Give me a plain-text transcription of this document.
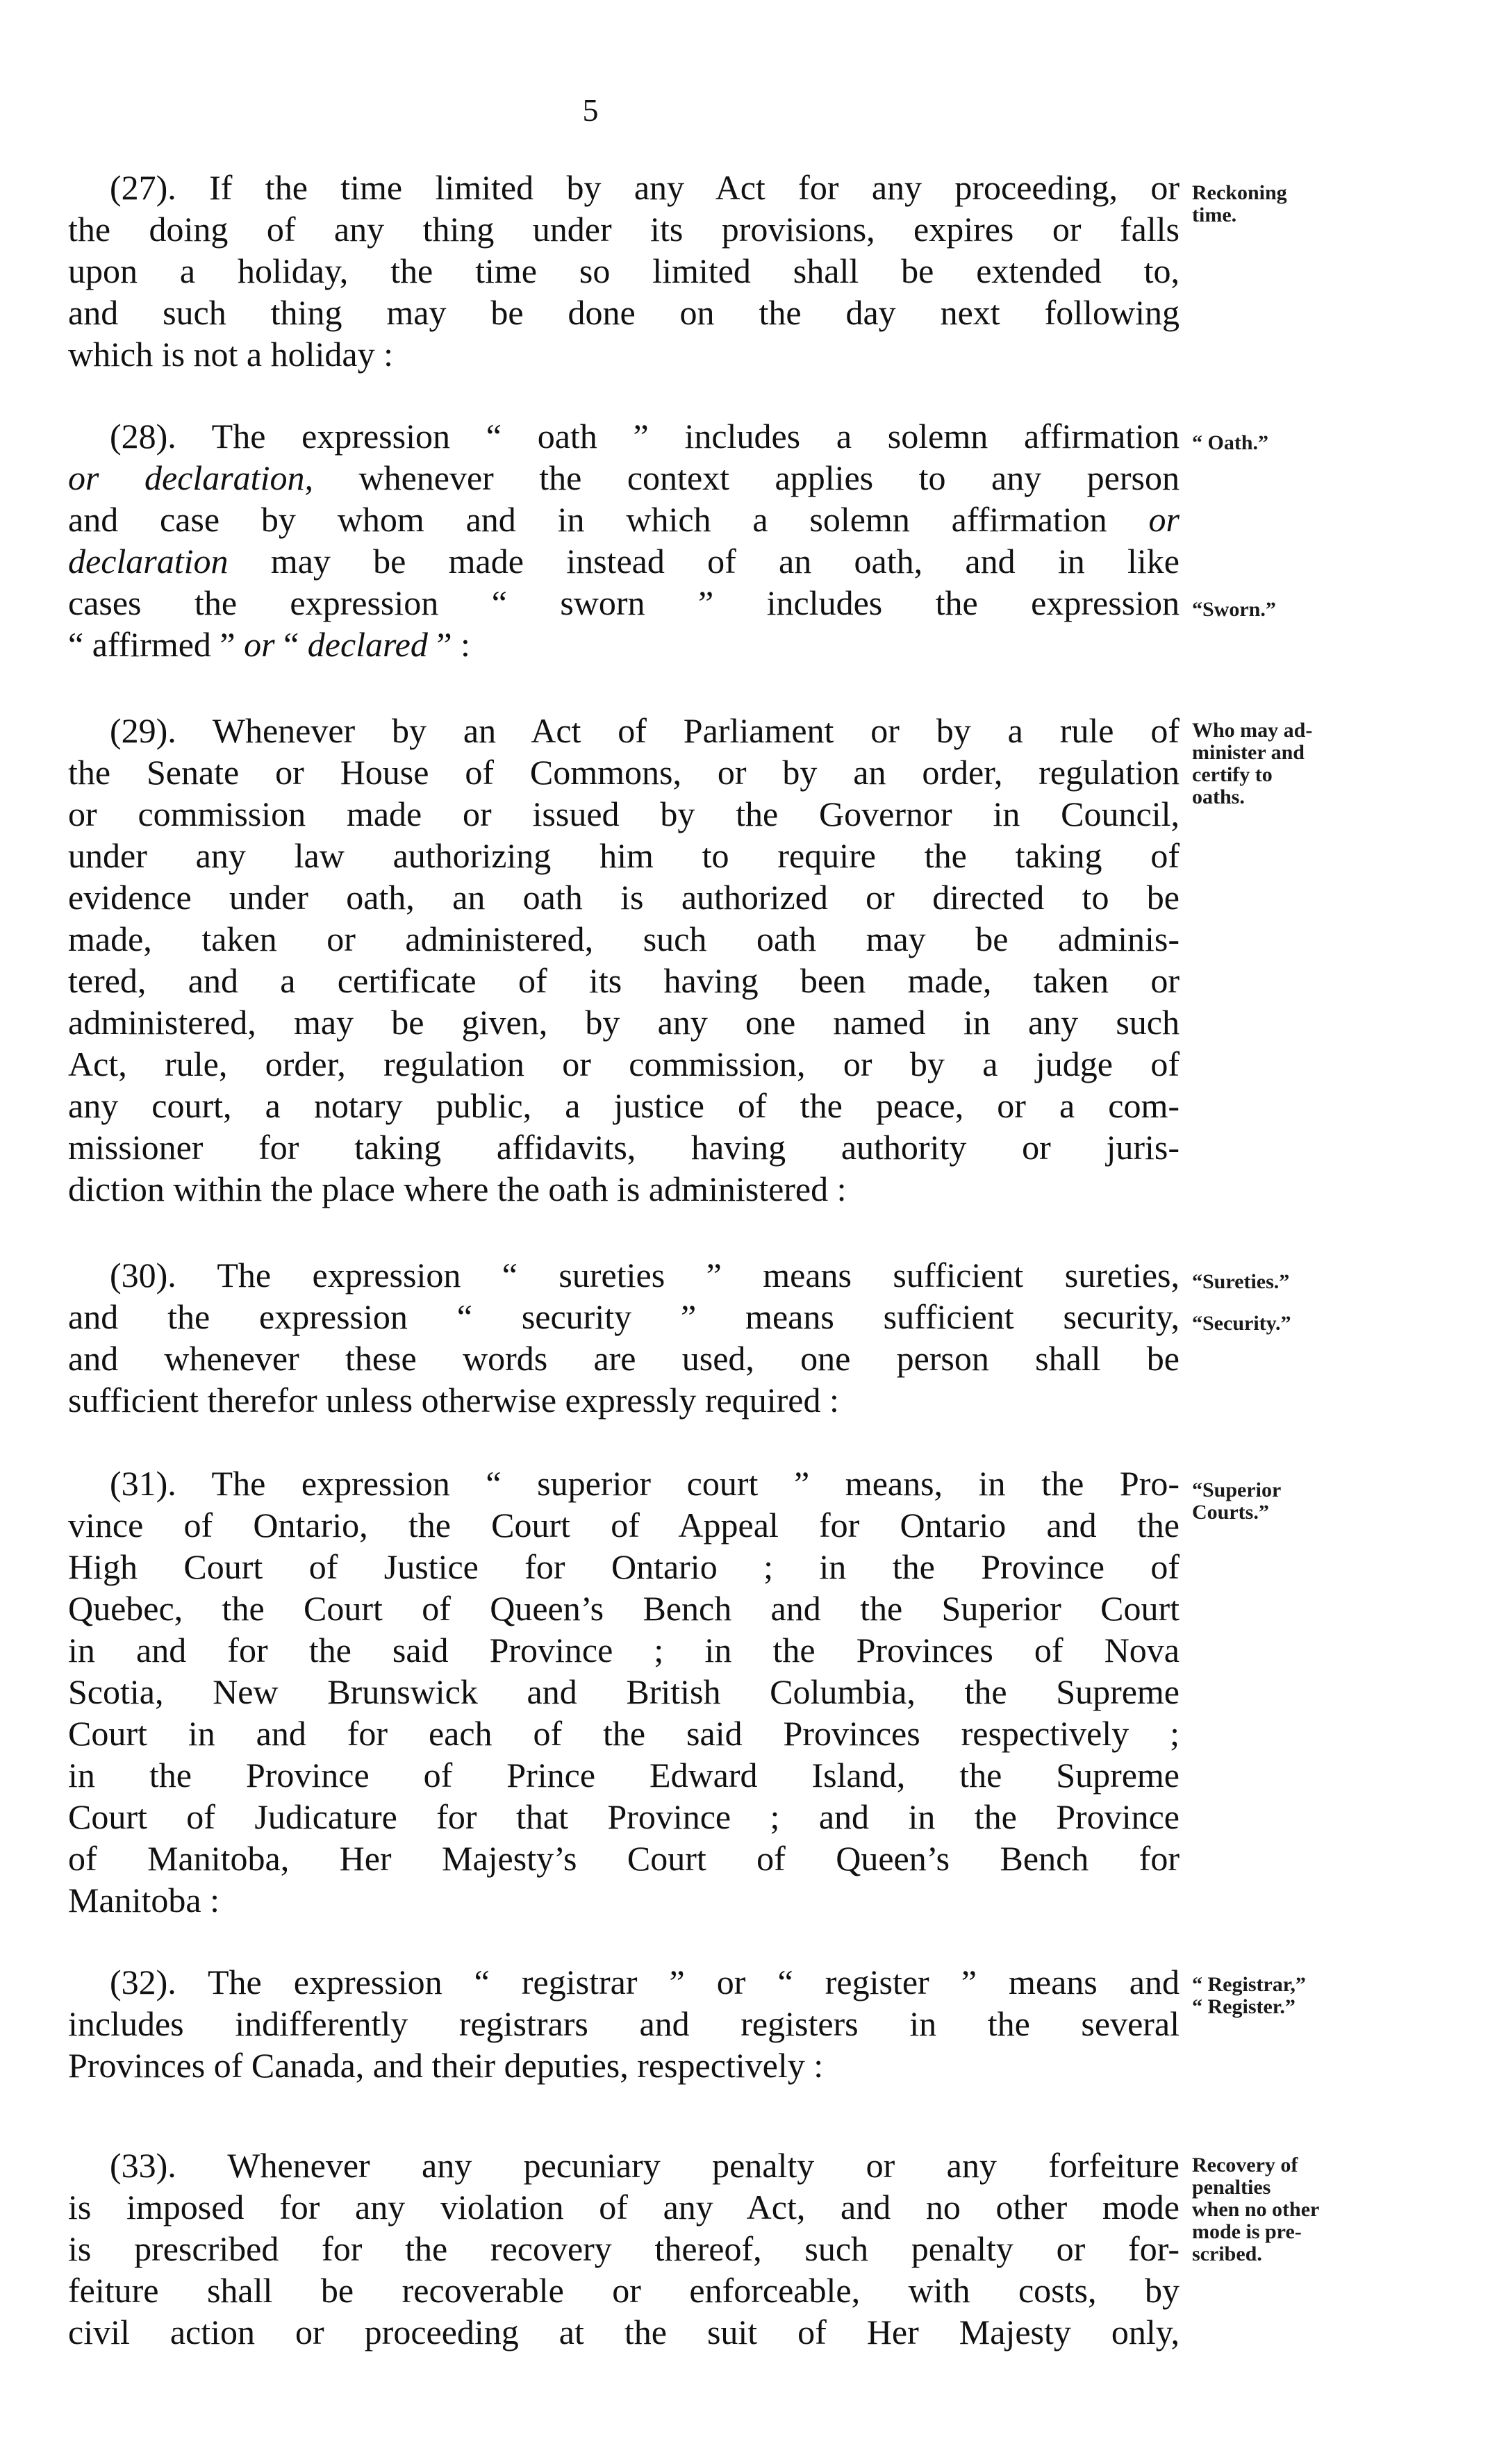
5
(27). If the time limited by any Act for any proceeding, or
the doing of any thing under its provisions, expires or falls
upon a holiday, the time so limited shall be extended to,
and such thing may be done on the day next following
which is not a holiday :
Reckoning
time.
(28). The expression “ oath ” includes a solemn affirmation
or declaration, whenever the context applies to any person
and case by whom and in which a solemn affirmation or
declaration may be made instead of an oath, and in like
cases the expression “ sworn ” includes the expression
“ affirmed ” or “ declared ” :
“ Oath.”
“Sworn.”
(29). Whenever by an Act of Parliament or by a rule of
the Senate or House of Commons, or by an order, regulation
or commission made or issued by the Governor in Council,
under any law authorizing him to require the taking of
evidence under oath, an oath is authorized or directed to be
made, taken or administered, such oath may be adminis-
tered, and a certificate of its having been made, taken or
administered, may be given, by any one named in any such
Act, rule, order, regulation or commission, or by a judge of
any court, a notary public, a justice of the peace, or a com-
missioner for taking affidavits, having authority or juris-
diction within the place where the oath is administered :
Who may ad-
minister and
certify to
oaths.
(30). The expression “ sureties ” means sufficient sureties,
and the expression “ security ” means sufficient security,
and whenever these words are used, one person shall be
sufficient therefor unless otherwise expressly required :
“Sureties.”
“Security.”
(31). The expression “ superior court ” means, in the Pro-
vince of Ontario, the Court of Appeal for Ontario and the
High Court of Justice for Ontario ; in the Province of
Quebec, the Court of Queen’s Bench and the Superior Court
in and for the said Province ; in the Provinces of Nova
Scotia, New Brunswick and British Columbia, the Supreme
Court in and for each of the said Provinces respectively ;
in the Province of Prince Edward Island, the Supreme
Court of Judicature for that Province ; and in the Province
of Manitoba, Her Majesty’s Court of Queen’s Bench for
Manitoba :
“Superior
Courts.”
(32). The expression “ registrar ” or “ register ” means and
includes indifferently registrars and registers in the several
Provinces of Canada, and their deputies, respectively :
“ Registrar,”
“ Register.”
(33). Whenever any pecuniary penalty or any forfeiture
is imposed for any violation of any Act, and no other mode
is prescribed for the recovery thereof, such penalty or for-
feiture shall be recoverable or enforceable, with costs, by
civil action or proceeding at the suit of Her Majesty only,
Recovery of
penalties
when no other
mode is pre-
scribed.
